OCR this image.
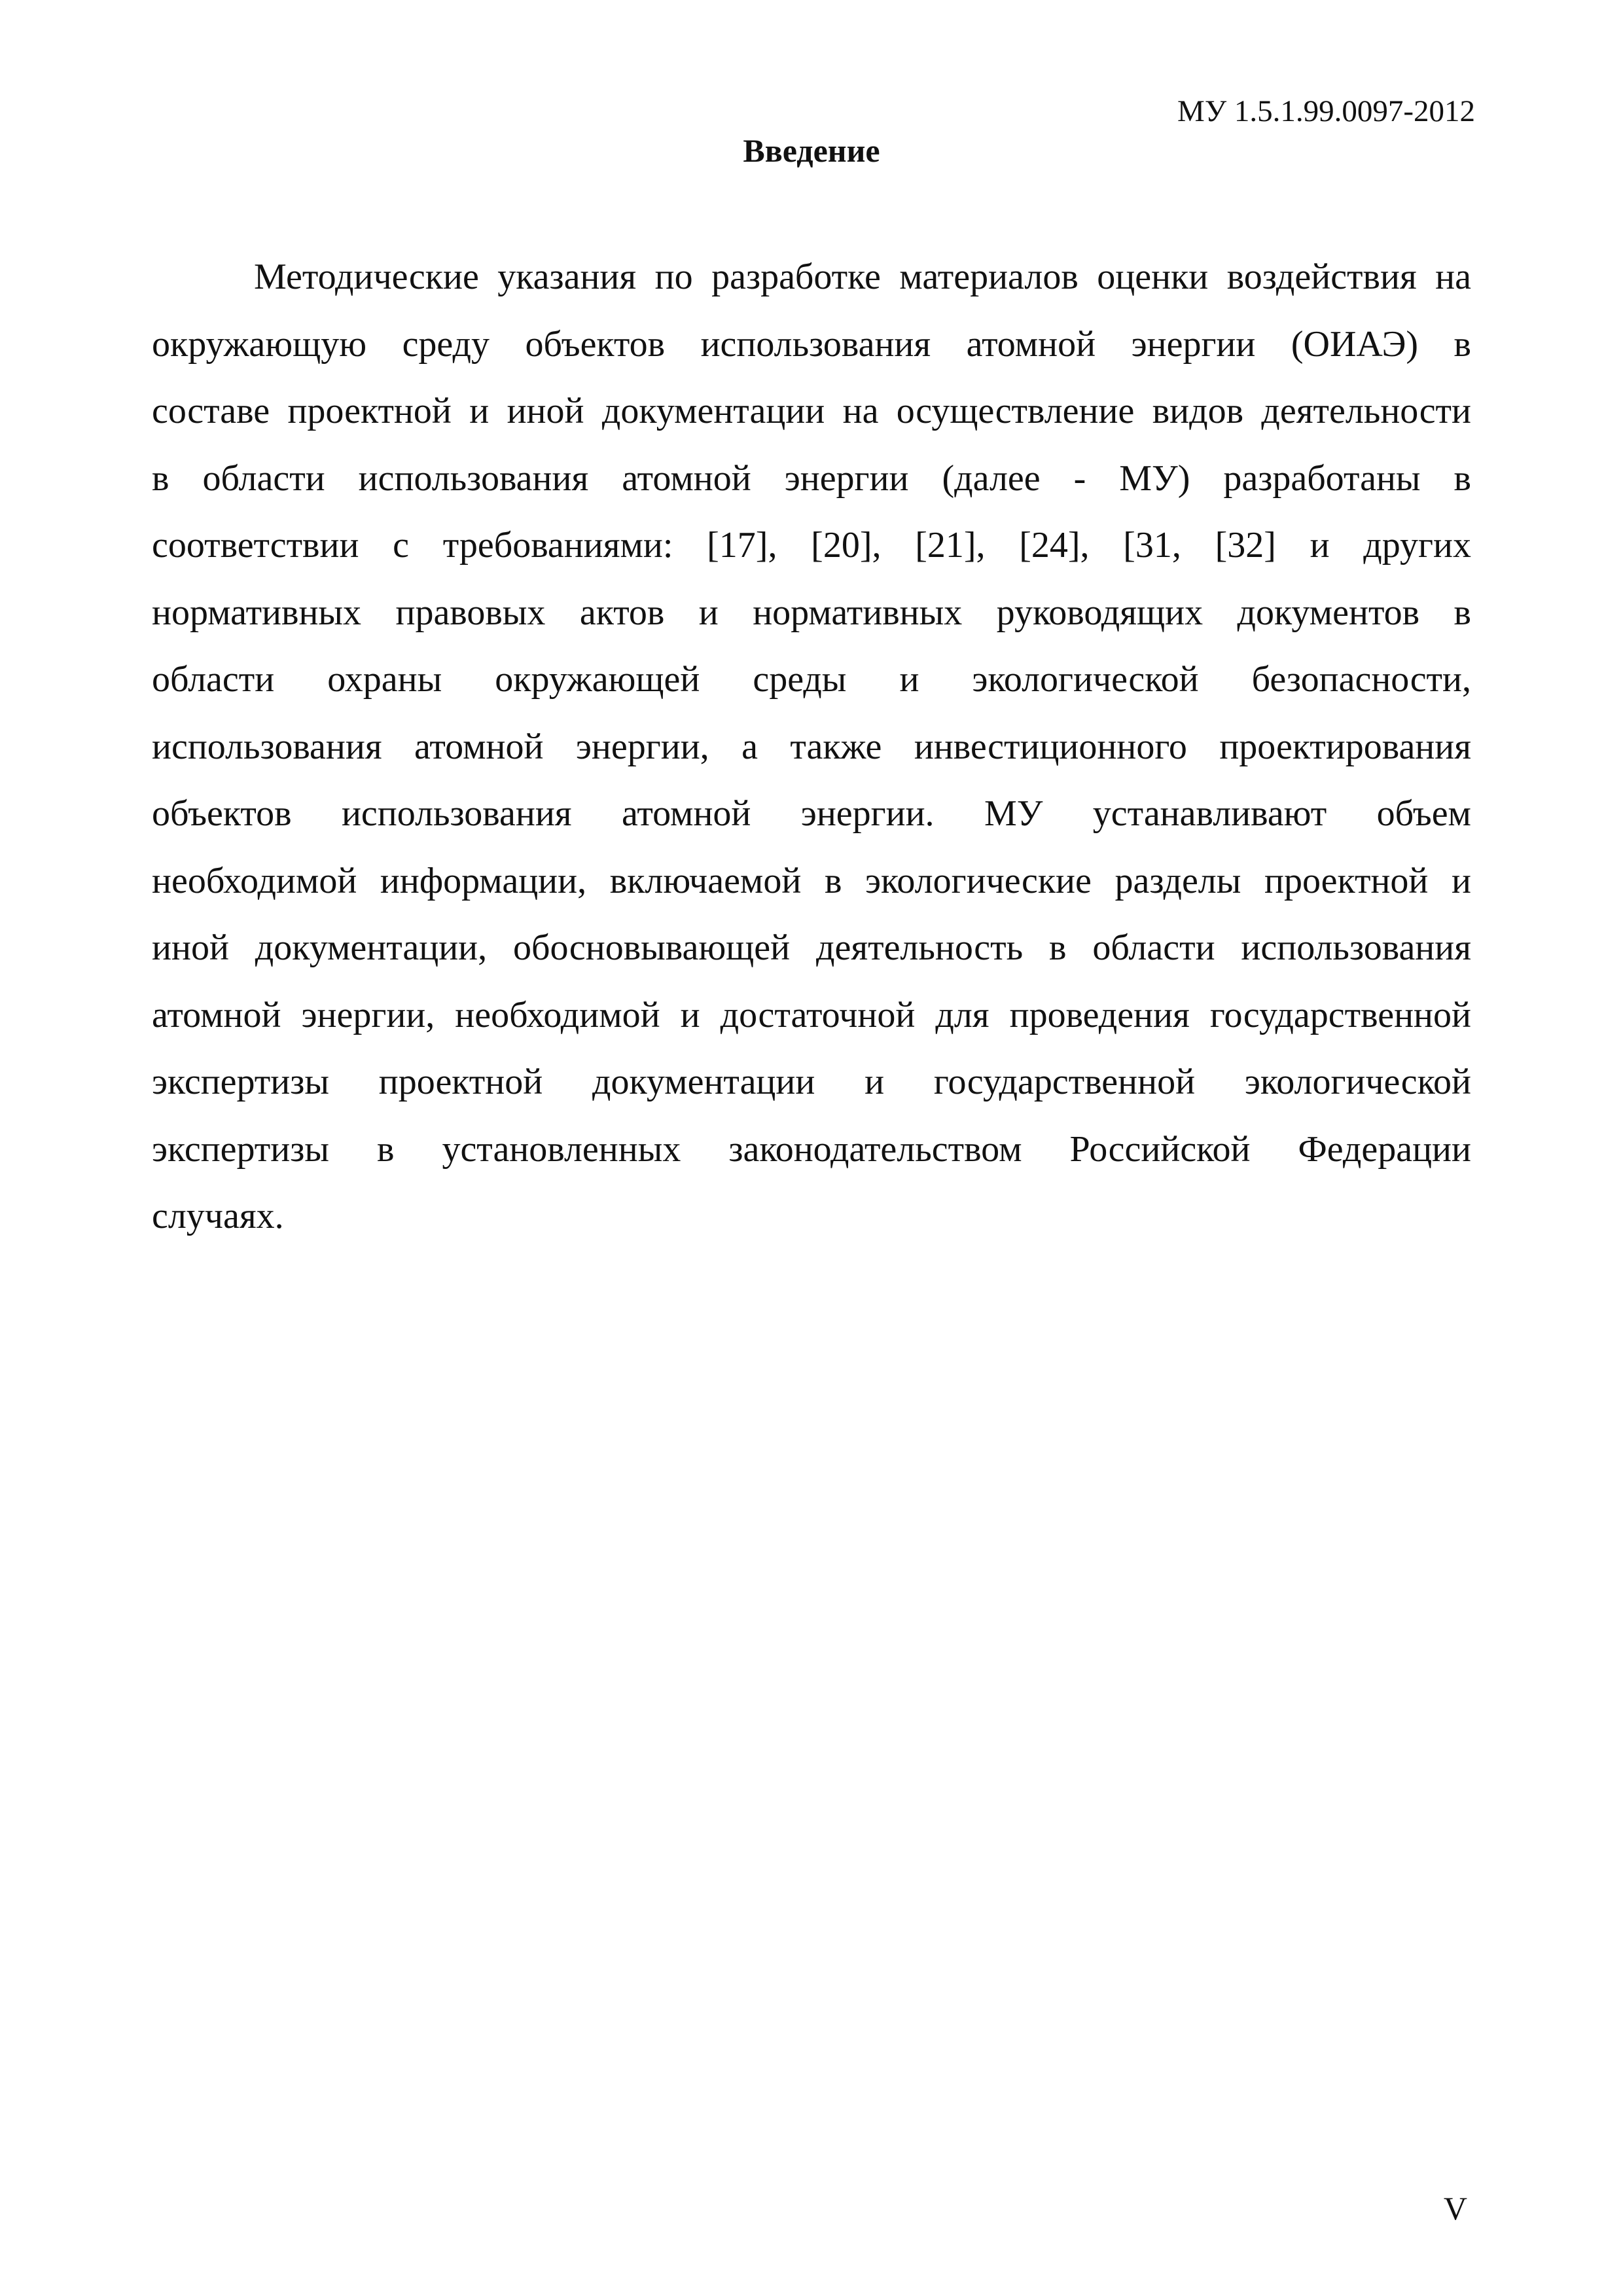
МУ 1.5.1.99.0097-2012

Введение

Методические указания по разработке материалов оценки воздействия на
окружающую среду объектов использования атомной энергии (ОИАЭ) в
составе проектной и иной документации на осуществление видов деятельности
в области использования атомной энергии (далее - МУ) разработаны в
соответствии с требованиями: [17], [20], [21], [24], [31, [32] и других
нормативных правовых актов и нормативных руководящих документов в
области охраны окружающей среды и экологической безопасности,
использования атомной энергии, а также инвестиционного проектирования
объектов использования атомной энергии. МУ устанавливают объем
необходимой информации, включаемой в экологические разделы проектной и
иной документации, обосновывающей деятельность в области использования
атомной энергии, необходимой и достаточной для проведения государственной
экспертизы проектной документации и государственной экологической
экспертизы в установленных законодательством Российской Федерации
случаях.

V
